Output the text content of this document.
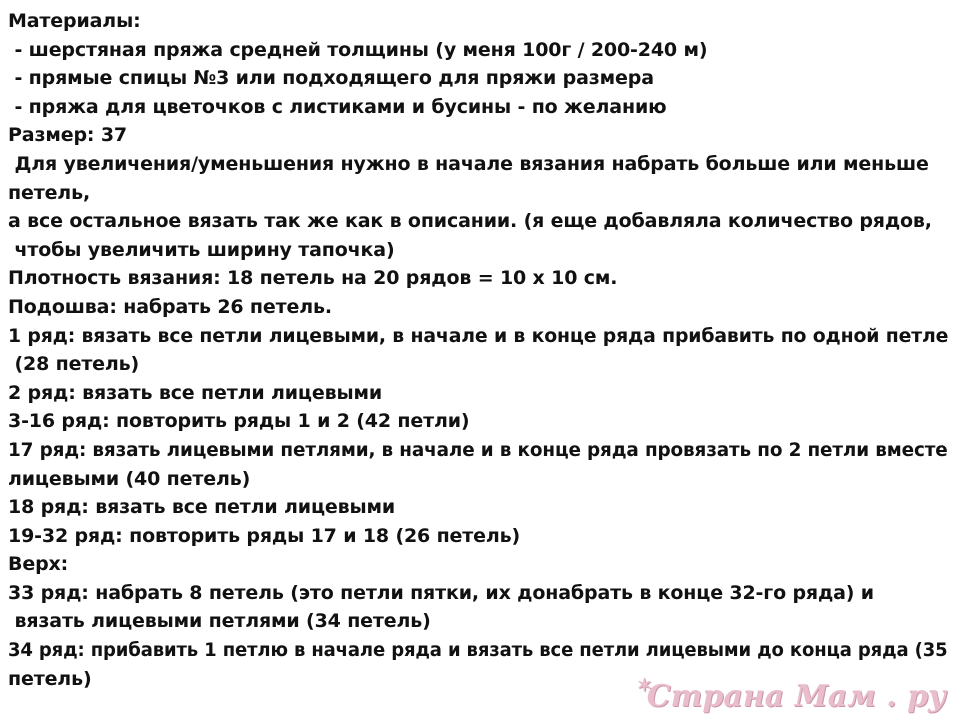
Материалы:
- шерстяная пряжа средней толщины (у меня 100г / 200-240 м)
- прямые спицы №3 или подходящего для пряжи размера
- пряжа для цветочков с листиками и бусины - по желанию
Размер: 37
Для увеличения/уменьшения нужно в начале вязания набрать больше или меньше
петель,
а все остальное вязать так же как в описании. (я еще добавляла количество рядов,
чтобы увеличить ширину тапочка)
Плотность вязания: 18 петель на 20 рядов = 10 х 10 см.
Подошва: набрать 26 петель.
1 ряд: вязать все петли лицевыми, в начале и в конце ряда прибавить по одной петле
(28 петель)
2 ряд: вязать все петли лицевыми
3-16 ряд: повторить ряды 1 и 2 (42 петли)
17 ряд: вязать лицевыми петлями, в начале и в конце ряда провязать по 2 петли вместе
лицевыми (40 петель)
18 ряд: вязать все петли лицевыми
19-32 ряд: повторить ряды 17 и 18 (26 петель)
Верх:
33 ряд: набрать 8 петель (это петли пятки, их донабрать в конце 32-го ряда) и
вязать лицевыми петлями (34 петель)
34 ряд: прибавить 1 петлю в начале ряда и вязать все петли лицевыми до конца ряда (35
петель)	✶
Страна Мам . ру
